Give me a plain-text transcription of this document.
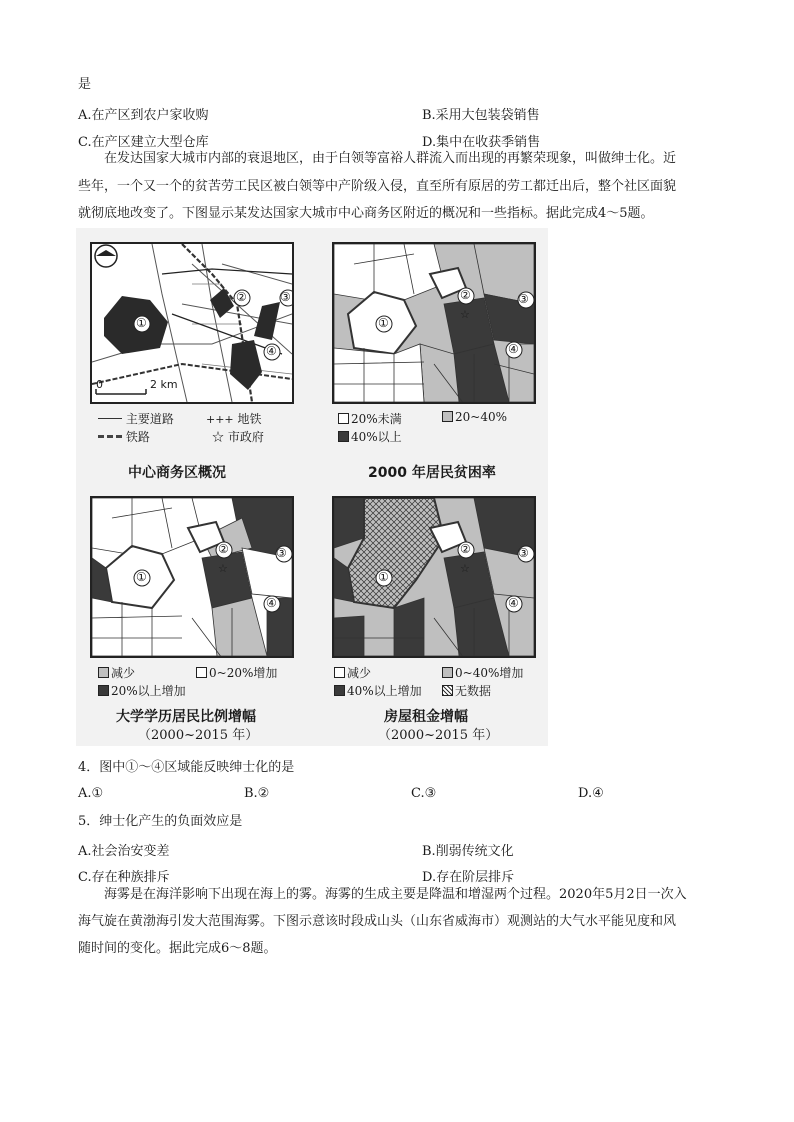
是
A.在产区到农户家收购	B.采用大包装袋销售
C.在产区建立大型仓库	D.集中在收获季销售
在发达国家大城市内部的衰退地区，由于白领等富裕人群流入而出现的再繁荣现象，叫做绅士化。近
些年，一个又一个的贫苦劳工民区被白领等中产阶级入侵，直至所有原居的劳工都迁出后，整个社区面貌
就彻底地改变了。下图显示某发达国家大城市中心商务区附近的概况和一些指标。据此完成4～5题。
①
②	③
④
0	2 km
主要道路	+++ 地铁
铁路	☆ 市政府
中心商务区概况
①
②	③
④
☆
20%未满	20~40%
40%以上
2000 年居民贫困率
①
②	③
④
☆
减少	0~20%增加
20%以上增加
大学学历居民比例增幅
（2000~2015 年）
①
②	③
④
☆
减少	0~40%增加
40%以上增加	无数据
房屋租金增幅
（2000~2015 年）
4．图中①～④区域能反映绅士化的是
A.①	B.②	C.③	D.④
5．绅士化产生的负面效应是
A.社会治安变差	B.削弱传统文化
C.存在种族排斥	D.存在阶层排斥
海雾是在海洋影响下出现在海上的雾。海雾的生成主要是降温和增湿两个过程。2020年5月2日一次入
海气旋在黄渤海引发大范围海雾。下图示意该时段成山头（山东省威海市）观测站的大气水平能见度和风
随时间的变化。据此完成6～8题。
